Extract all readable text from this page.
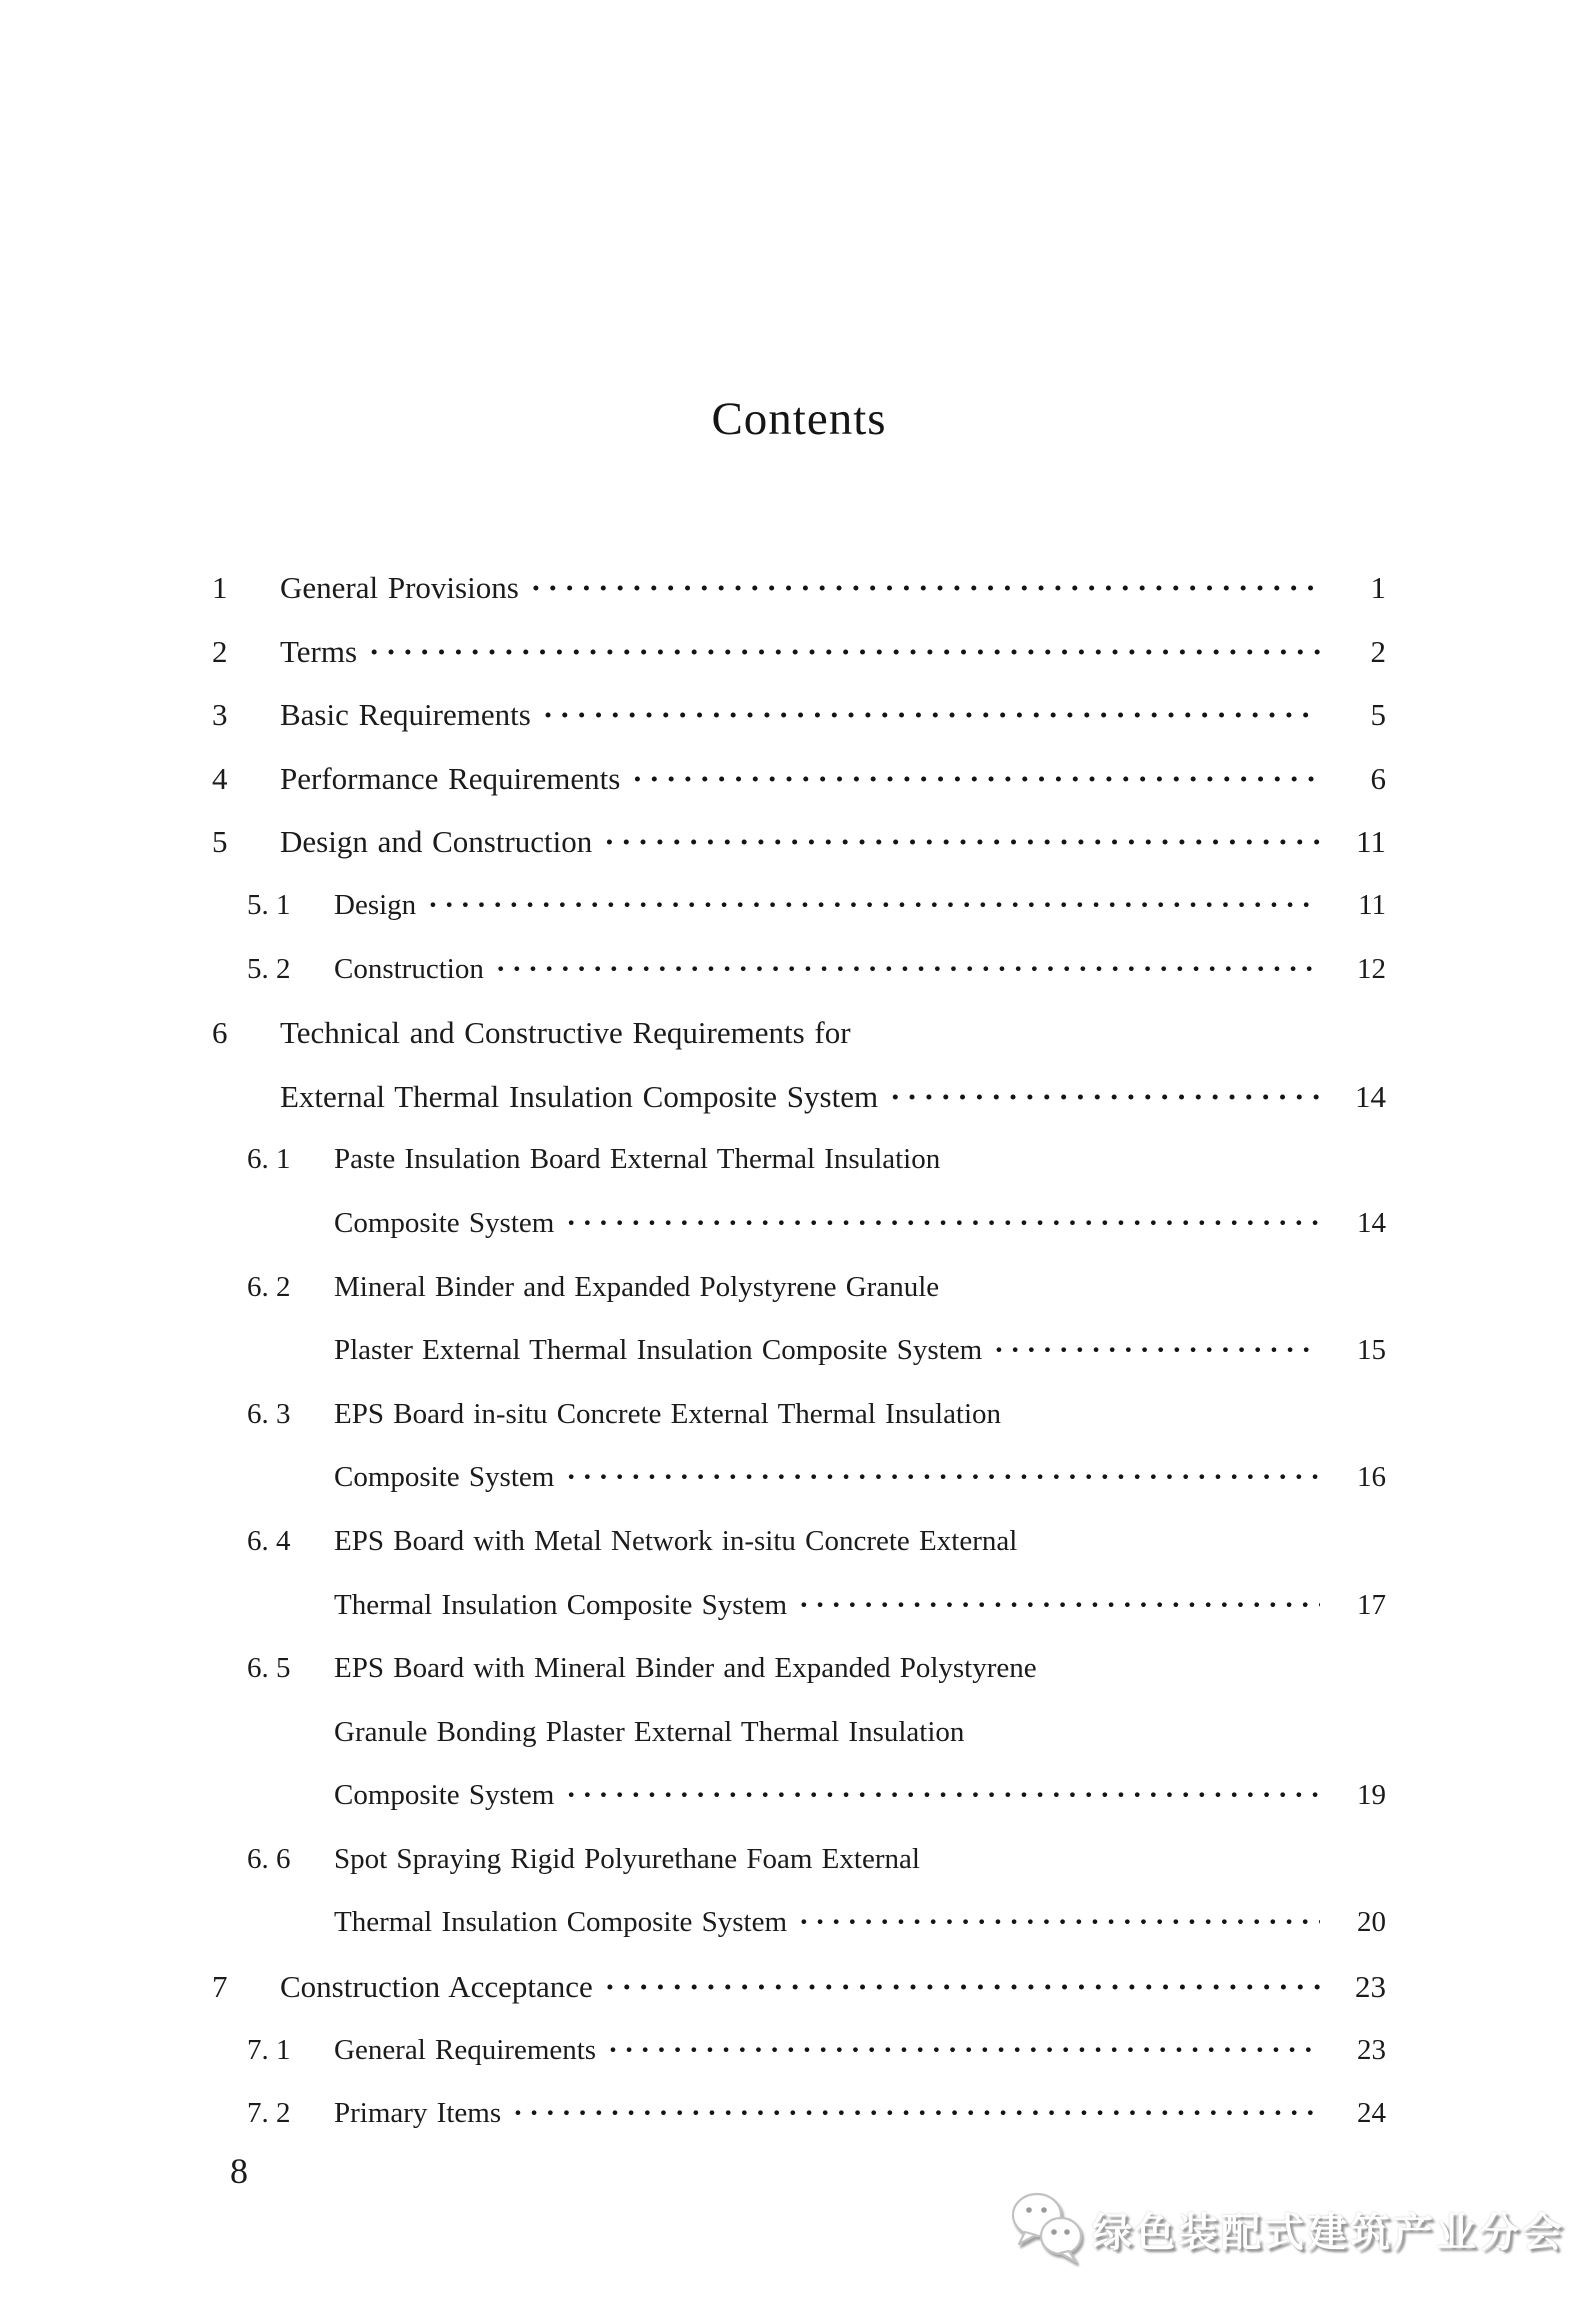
Contents
1	General Provisions ·····	1
2	Terms ·····	2
3	Basic Requirements ·····	5
4	Performance Requirements ·····	6
5	Design and Construction ·····	11
5. 1	Design ·····	11
5. 2	Construction ·····	12
6	Technical and Constructive Requirements for
External Thermal Insulation Composite System ·····	14
6. 1	Paste Insulation Board External Thermal Insulation
Composite System ·····	14
6. 2	Mineral Binder and Expanded Polystyrene Granule
Plaster External Thermal Insulation Composite System ·····	15
6. 3	EPS Board in-situ Concrete External Thermal Insulation
Composite System ·····	16
6. 4	EPS Board with Metal Network in-situ Concrete External
Thermal Insulation Composite System ·····	17
6. 5	EPS Board with Mineral Binder and Expanded Polystyrene
Granule Bonding Plaster External Thermal Insulation
Composite System ·····	19
6. 6	Spot Spraying Rigid Polyurethane Foam External
Thermal Insulation Composite System ·····	20
7	Construction Acceptance ·····	23
7. 1	General Requirements ·····	23
7. 2	Primary Items ·····	24
8
绿色装配式建筑产业分会
